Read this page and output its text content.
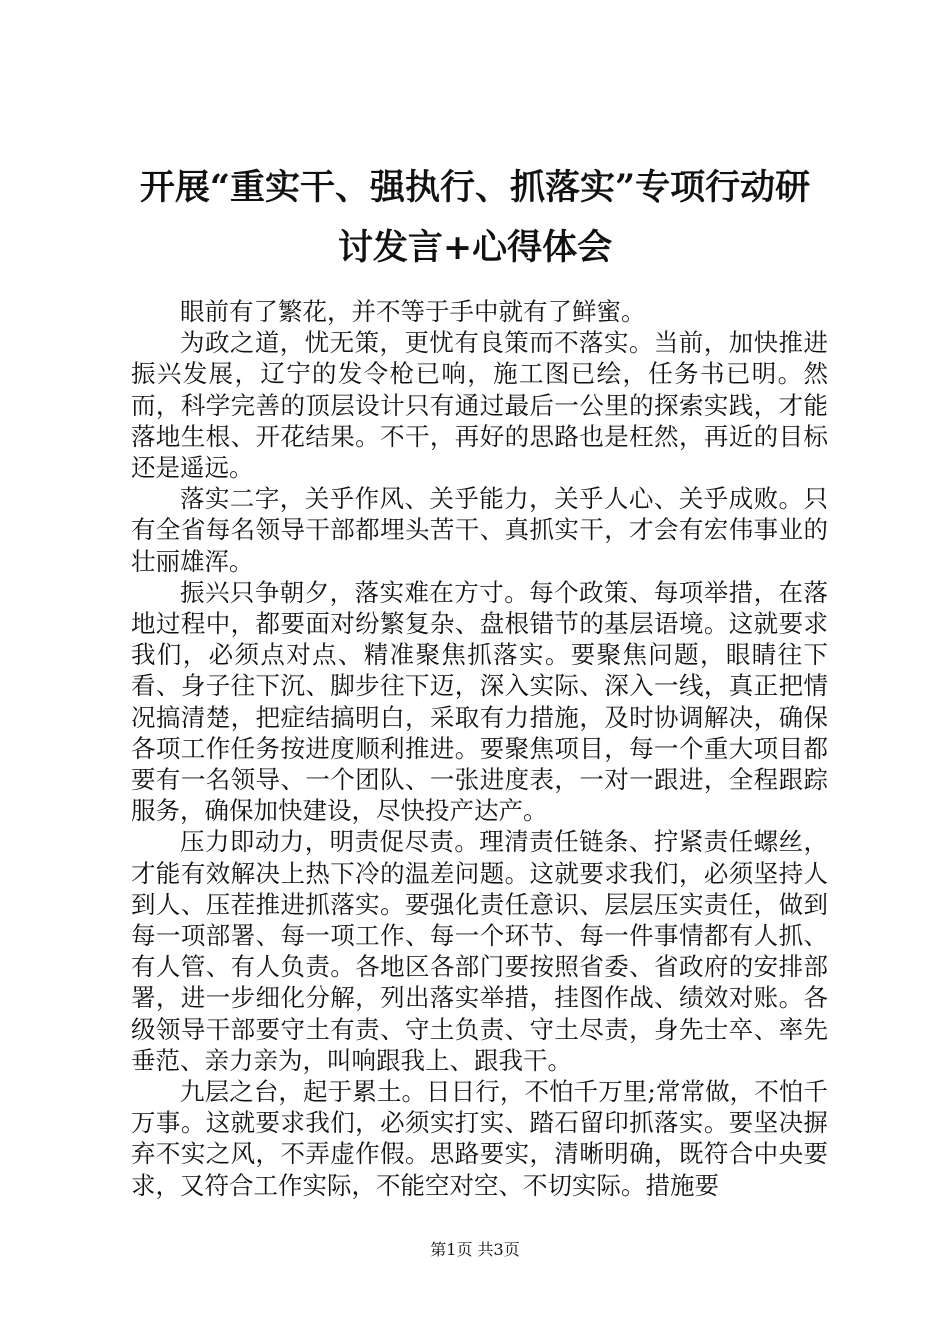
开展“重实干、强执行、抓落实”专项行动研
讨发言+心得体会

眼前有了繁花，并不等于手中就有了鲜蜜。

为政之道，忧无策，更忧有良策而不落实。当前，加快推进振兴发展，辽宁的发令枪已响，施工图已绘，任务书已明。然而，科学完善的顶层设计只有通过最后一公里的探索实践，才能落地生根、开花结果。不干，再好的思路也是枉然，再近的目标还是遥远。

落实二字，关乎作风、关乎能力，关乎人心、关乎成败。只有全省每名领导干部都埋头苦干、真抓实干，才会有宏伟事业的壮丽雄浑。

振兴只争朝夕，落实难在方寸。每个政策、每项举措，在落地过程中，都要面对纷繁复杂、盘根错节的基层语境。这就要求我们，必须点对点、精准聚焦抓落实。要聚焦问题，眼睛往下看、身子往下沉、脚步往下迈，深入实际、深入一线，真正把情况搞清楚，把症结搞明白，采取有力措施，及时协调解决，确保各项工作任务按进度顺利推进。要聚焦项目，每一个重大项目都要有一名领导、一个团队、一张进度表，一对一跟进，全程跟踪服务，确保加快建设，尽快投产达产。

压力即动力，明责促尽责。理清责任链条、拧紧责任螺丝，才能有效解决上热下冷的温差问题。这就要求我们，必须坚持人到人、压茬推进抓落实。要强化责任意识、层层压实责任，做到每一项部署、每一项工作、每一个环节、每一件事情都有人抓、有人管、有人负责。各地区各部门要按照省委、省政府的安排部署，进一步细化分解，列出落实举措，挂图作战、绩效对账。各级领导干部要守土有责、守土负责、守土尽责，身先士卒、率先垂范、亲力亲为，叫响跟我上、跟我干。

九层之台，起于累土。日日行，不怕千万里;常常做，不怕千万事。这就要求我们，必须实打实、踏石留印抓落实。要坚决摒弃不实之风，不弄虚作假。思路要实，清晰明确，既符合中央要求，又符合工作实际，不能空对空、不切实际。措施要

第1页 共3页
